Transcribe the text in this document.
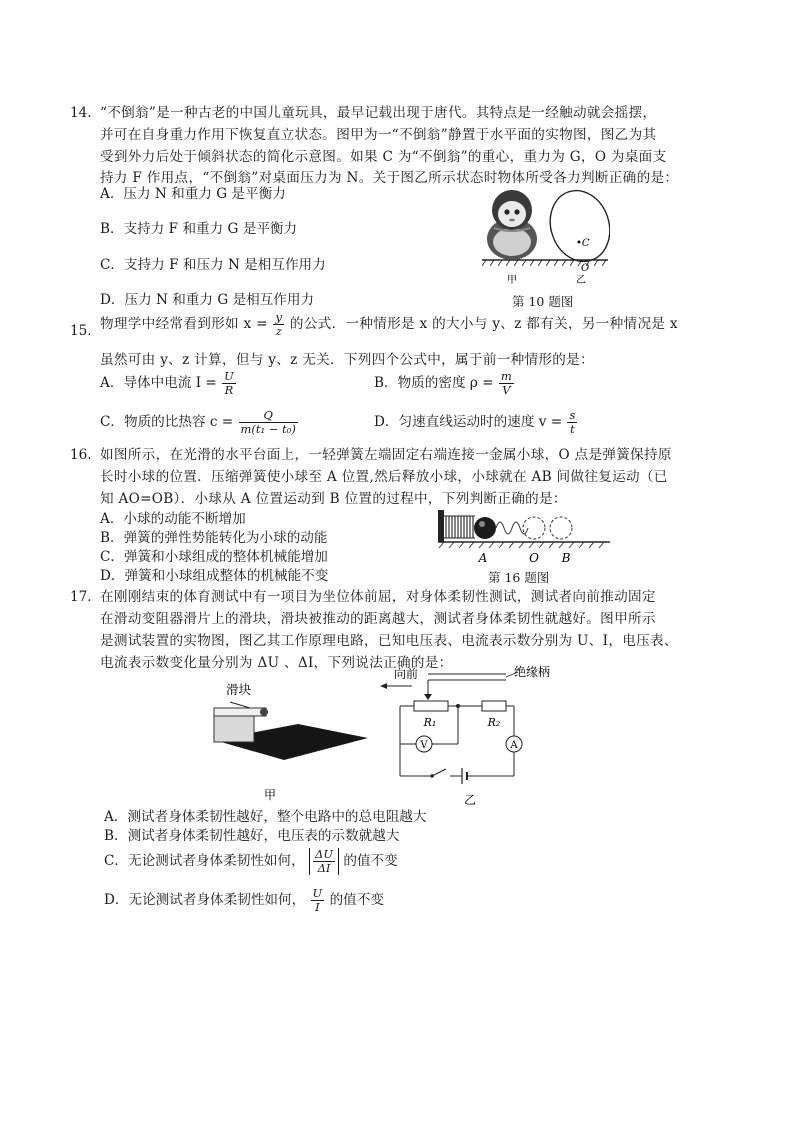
14. “不倒翁”是一种古老的中国儿童玩具，最早记载出现于唐代。其特点是一经触动就会摇摆，
并可在自身重力作用下恢复直立状态。图甲为一“不倒翁”静置于水平面的实物图，图乙为其
受到外力后处于倾斜状态的简化示意图。如果 C 为“不倒翁”的重心，重力为 G，O 为桌面支
持力 F 作用点，“不倒翁”对桌面压力为 N。关于图乙所示状态时物体所受各力判断正确的是：
A．压力 N 和重力 G 是平衡力
B．支持力 F 和重力 G 是平衡力
C．支持力 F 和压力 N 是相互作用力
D．压力 N 和重力 G 是相互作用力
•C
O
甲	乙
第 10 题图
15. 物理学中经常看到形如 $x = \frac{y}{z}$ 的公式．一种情形是 x 的大小与 y、z 都有关，另一种情况是 x
虽然可由 y、z 计算，但与 y、z 无关．下列四个公式中，属于前一种情形的是：
A．导体中电流 $I = \frac{U}{R}$	B．物质的密度 $\rho = \frac{m}{V}$
C．物质的比热容 $c = \frac{Q}{\text{m(t₁ − t₀)}}$	D．匀速直线运动时的速度 $v = \frac{s}{t}$
16. 如图所示，在光滑的水平台面上，一轻弹簧左端固定右端连接一金属小球，O 点是弹簧保持原
长时小球的位置．压缩弹簧使小球至 A 位置,然后释放小球，小球就在 AB 间做往复运动（已
知 AO=OB）．小球从 A 位置运动到 B 位置的过程中，下列判断正确的是：
A．小球的动能不断增加
B．弹簧的弹性势能转化为小球的动能
C．弹簧和小球组成的整体机械能增加
D．弹簧和小球组成整体的机械能不变
A	O B
第 16 题图
17. 在刚刚结束的体育测试中有一项目为坐位体前屈，对身体柔韧性测试，测试者向前推动固定
在滑动变阻器滑片上的滑块，滑块被推动的距离越大，测试者身体柔韧性就越好。图甲所示
是测试装置的实物图，图乙其工作原理电路，已知电压表、电流表示数分别为 U、I，电压表、
电流表示数变化量分别为 ΔU 、ΔI，下列说法正确的是：
滑块
甲
向前	绝缘柄
A
V
R₁	R₂
乙
A．测试者身体柔韧性越好，整个电路中的总电阻越大
B．测试者身体柔韧性越好，电压表的示数就越大
C．无论测试者身体柔韧性如何， $\frac{\Delta U}{\Delta I}$ 的值不变
D．无论测试者身体柔韧性如何， $\frac{U}{I}$ 的值不变
